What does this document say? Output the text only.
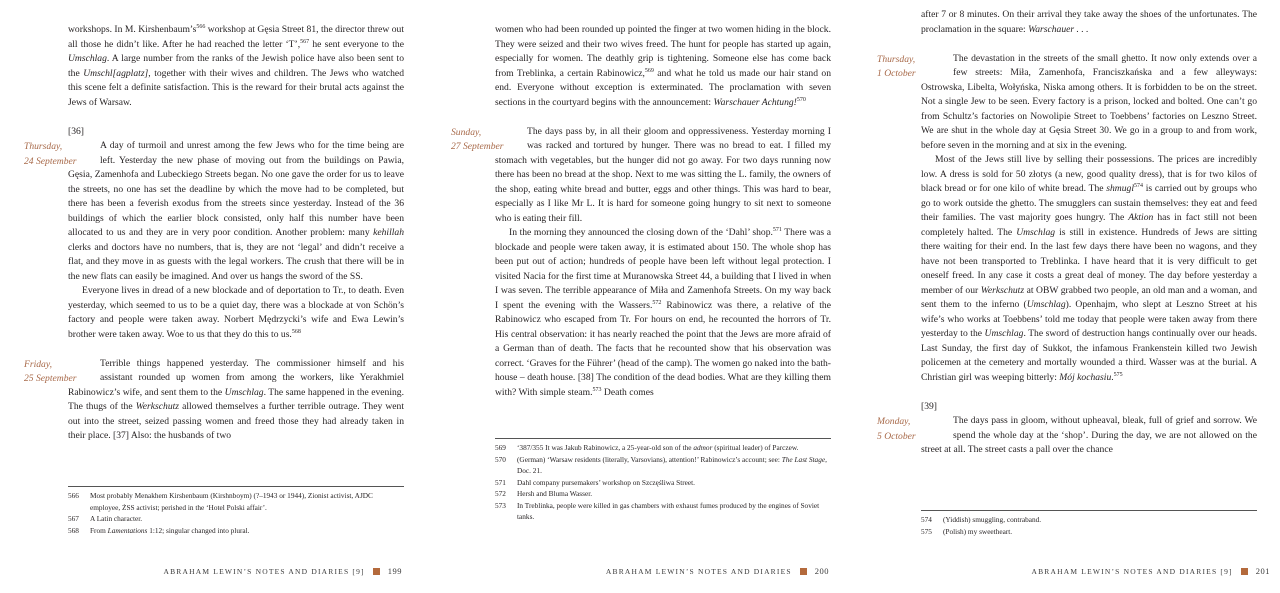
workshops. In M. $Kirshenbaum’s^{566}$ workshop at Gęsia Street 81, the director threw out all those he didn’t like. After he had reached the letter ‘T’,$^{567}$ he sent everyone to the Umschlag. A large number from the ranks of the Jewish police have also been sent to the Umschl[agplatz], together with their wives and children. The Jews who watched this scene felt a definite satisfaction. This is the reward for their brutal acts against the Jews of Warsaw.

[36]
Thursday,
24 September

A day of turmoil and unrest among the few Jews who for the time being are left. Yesterday the new phase of moving out from the buildings on Pawia, Gęsia, Zamenhofa and Lubeckiego Streets began. No one gave the order for us to leave the streets, no one has set the deadline by which the move had to be completed, but there has been a feverish exodus from the streets since yesterday. Instead of the 36 buildings of which the earlier block consisted, only half this number have been allocated to us and they are in very poor condition. Another problem: many kehillah clerks and doctors have no numbers, that is, they are not ‘legal’ and didn’t receive a flat, and they move in as guests with the legal workers. The crush that there will be in the new flats can easily be imagined. And over us hangs the sword of the SS.

Everyone lives in dread of a new blockade and of deportation to Tr., to death. Even yesterday, which seemed to us to be a quiet day, there was a blockade at von Schön’s factory and people were taken away. Norbert Mędrzycki’s wife and Ewa Lewin’s brother were taken away. Woe to us that they do this to us.$^{568}$

Friday,
25 September

Terrible things happened yesterday. The commissioner himself and his assistant rounded up women from among the workers, like Yerakhmiel Rabinowicz’s wife, and sent them to the Umschlag. The same happened in the evening. The thugs of the Werkschutz allowed themselves a further terrible outrage. They went out into the street, seized passing women and freed those they had already taken in their place. [37] Also: the husbands of two

566	Most probably Menakhem Kirshenbaum (Kirshnboym) (?–1943 or 1944), Zionist activist, AJDC employee, ŻSS activist; perished in the ‘Hotel Polski affair’.
567	A Latin character.
568	From Lamentations 1:12; singular changed into plural.
ABRAHAM LEWIN’S NOTES AND DIARIES [9]	199

women who had been rounded up pointed the finger at two women hiding in the block. They were seized and their two wives freed. The hunt for people has started up again, especially for women. The deathly grip is tightening. Someone else has come back from Treblinka, a certain Rabinowicz,$^{569}$ and what he told us made our hair stand on end. Everyone without exception is exterminated. The proclamation with seven sections in the courtyard begins with the announcement: Warschauer Achtung!$^{570}$

Sunday,
27 September

The days pass by, in all their gloom and oppressiveness. Yesterday morning I was racked and tortured by hunger. There was no bread to eat. I filled my stomach with vegetables, but the hunger did not go away. For two days running now there has been no bread at the shop. Next to me was sitting the L. family, the owners of the shop, eating white bread and butter, eggs and other things. This was hard to bear, especially as I like Mr L. It is hard for someone going hungry to sit next to someone who is eating their fill.

In the morning they announced the closing down of the ‘Dahl’ shop.$^{571}$ There was a blockade and people were taken away, it is estimated about 150. The whole shop has been put out of action; hundreds of people have been left without legal protection. I visited Nacia for the first time at Muranowska Street 44, a building that I lived in when I was seven. The terrible appearance of Miła and Zamenhofa Streets. On my way back I spent the evening with the Wassers.$^{572}$ Rabinowicz was there, a relative of the Rabinowicz who escaped from Tr. For hours on end, he recounted the horrors of Tr. His central observation: it has nearly reached the point that the Jews are more afraid of a German than of death. The facts that he recounted show that his observation was correct. ‘Graves for the Führer’ (head of the camp). The women go naked into the bath-house – death house. [38] The condition of the dead bodies. What are they killing them with? With simple steam.$^{573}$ Death comes

569	‘387/355 It was Jakub Rabinowicz, a 25-year-old son of the admor (spiritual leader) of Parczew.
570	(German) ‘Warsaw residents (literally, Varsovians), attention!’ Rabinowicz’s account; see: The Last Stage, Doc. 21.
571	Dahl company pursemakers’ workshop on Szczęśliwa Street.
572	Hersh and Bluma Wasser.
573	In Treblinka, people were killed in gas chambers with exhaust fumes produced by the engines of Soviet tanks.
ABRAHAM LEWIN’S NOTES AND DIARIES	200

after 7 or 8 minutes. On their arrival they take away the shoes of the unfortunates. The proclamation in the square: Warschauer . . .

Thursday,
1 October

The devastation in the streets of the small ghetto. It now only extends over a few streets: Miła, Zamenhofa, Franciszkańska and a few alleyways: Ostrowska, Libelta, Wołyńska, Niska among others. It is forbidden to be on the street. Not a single Jew to be seen. Every factory is a prison, locked and bolted. One can’t go from Schultz’s factories on Nowolipie Street to Toebbens’ factories on Leszno Street. We are shut in the whole day at Gęsia Street 30. We go in a group to and from work, before seven in the morning and at six in the evening.

Most of the Jews still live by selling their possessions. The prices are incredibly low. A dress is sold for 50 złotys (a new, good quality dress), that is for two kilos of black bread or for one kilo of white bread. The shmugl$^{574}$ is carried out by groups who go to work outside the ghetto. The smugglers can sustain themselves: they eat and feed their families. The vast majority goes hungry. The Aktion has in fact still not been completely halted. The Umschlag is still in existence. Hundreds of Jews are sitting there waiting for their end. In the last few days there have been no wagons, and they have not been transported to Treblinka. I have heard that it is very difficult to get oneself freed. In any case it costs a great deal of money. The day before yesterday a member of our Werkschutz at OBW grabbed two people, an old man and a woman, and sent them to the inferno (Umschlag). Openhajm, who slept at Leszno Street at his wife’s who works at Toebbens’ told me today that people were taken away from there yesterday to the Umschlag. The sword of destruction hangs continually over our heads. Last Sunday, the first day of Sukkot, the infamous Frankenstein killed two Jewish policemen at the cemetery and mortally wounded a third. Wasser was at the burial. A Christian girl was weeping bitterly: Mój kochasiu.$^{575}$

[39]
Monday,
5 October

The days pass in gloom, without upheaval, bleak, full of grief and sorrow. We spend the whole day at the ‘shop’. During the day, we are not allowed on the street at all. The street casts a pall over the chance

574	(Yiddish) smuggling, contraband.
575	(Polish) my sweetheart.
ABRAHAM LEWIN’S NOTES AND DIARIES [9]	201
